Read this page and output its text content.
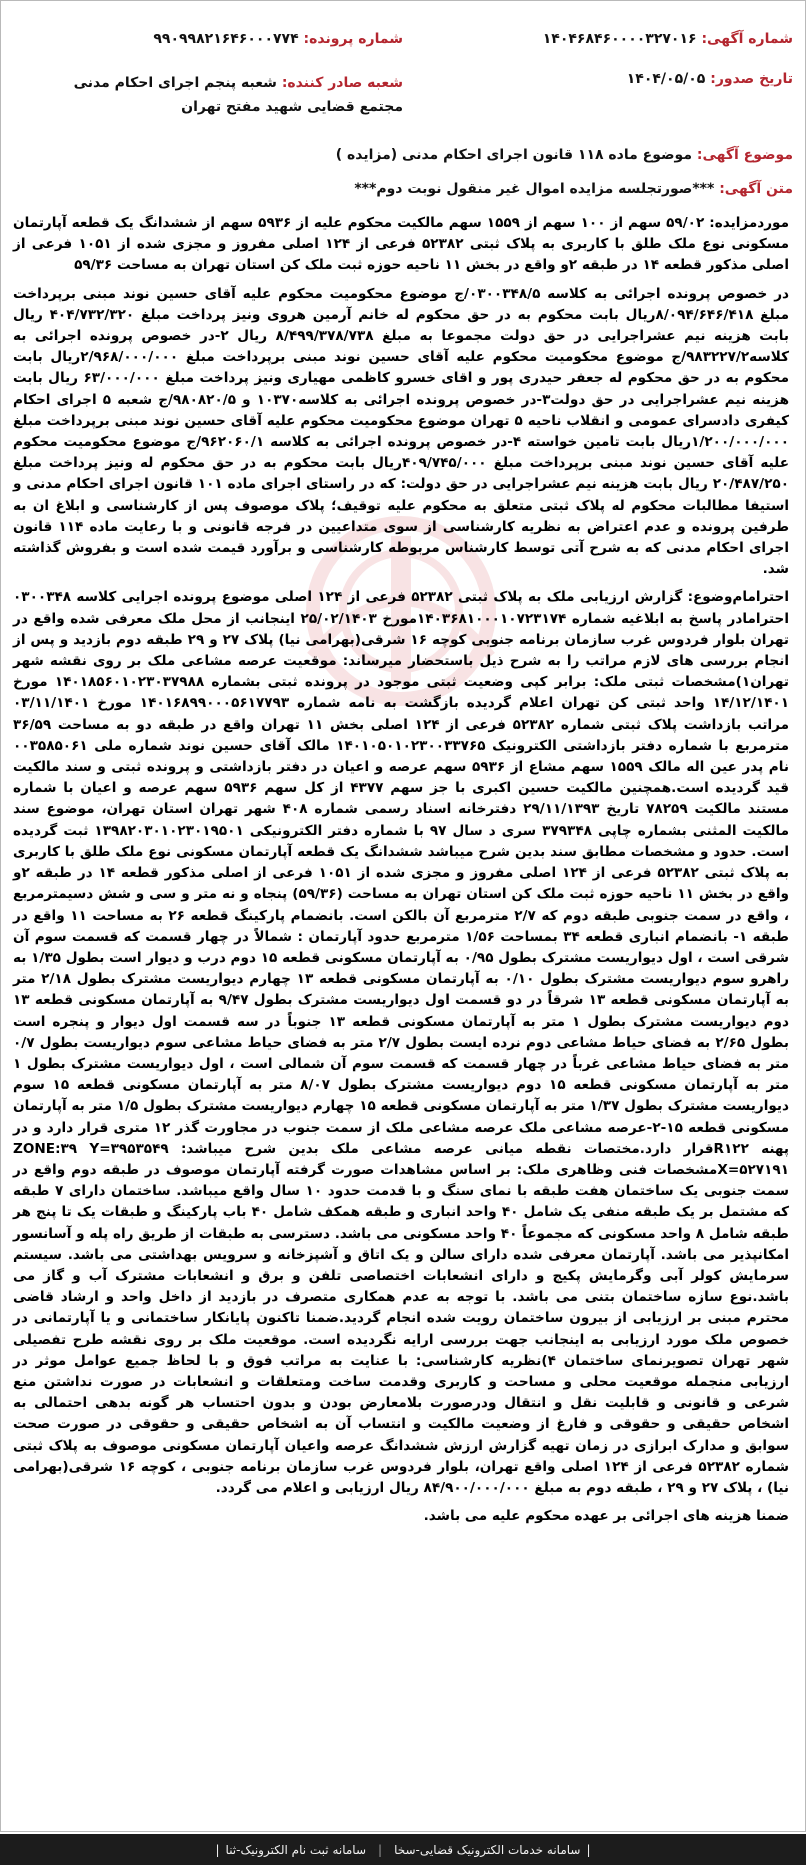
شماره آگهی: ۱۴۰۴۶۸۴۶۰۰۰۰۳۲۷۰۱۶
شماره پرونده: ۹۹۰۹۹۸۲۱۶۴۶۰۰۰۷۷۴
تاریخ صدور: ۱۴۰۴/۰۵/۰۵
شعبه صادر کننده: شعبه پنجم اجرای احکام مدنی مجتمع قضایی شهید مفتح تهران
موضوع آگهی: موضوع ماده ۱۱۸ قانون اجرای احکام مدنی (مزایده )
متن آگهی: ***صورتجلسه مزایده اموال غیر منقول نوبت دوم***

موردمزایده: ۵۹/۰۲ سهم از ۱۰۰ سهم از ۱۵۵۹ سهم مالکیت محکوم علیه از ۵۹۳۶ سهم از ششدانگ یک قطعه آپارتمان مسکونی نوع ملک طلق با کاربری به پلاک ثبتی ۵۲۳۸۲ فرعی از ۱۲۴ اصلی مفروز و مجزی شده از ۱۰۵۱ فرعی از اصلی مذکور قطعه ۱۴ در طبقه ۲و واقع در بخش ۱۱ ناحیه حوزه ثبت ملک کن استان تهران به مساحت ۵۹/۳۶

در خصوص پرونده اجرائی به کلاسه ۰۳۰۰۳۴۸/۵/ج موضوع محکومیت محکوم علیه آقای حسین نوند مبنی برپرداخت مبلغ ۸/۰۹۴/۶۴۶/۴۱۸ریال بابت محکوم به در حق محکوم له خانم آرمین هروی ونیز پرداخت مبلغ ۴۰۴/۷۳۲/۳۲۰ ریال بابت هزینه نیم عشراجرایی در حق دولت مجموعا به مبلغ ۸/۴۹۹/۳۷۸/۷۳۸ ریال ۲-در خصوص پرونده اجرائی به کلاسه۹۸۳۲۲۷/۲/ج موضوع محکومیت محکوم علیه آقای حسین نوند مبنی برپرداخت مبلغ ۲/۹۶۸/۰۰۰/۰۰۰ریال بابت محکوم به در حق محکوم له جعفر حیدری پور و اقای خسرو کاظمی مهیاری ونیز پرداخت مبلغ ۶۳/۰۰۰/۰۰۰ ریال بابت هزینه نیم عشراجرایی در حق دولت۳-در خصوص پرونده اجرائی به کلاسه۱۰۳۷۰ و ۹۸۰۸۲۰/۵/ج شعبه ۵ اجرای احکام کیفری دادسرای عمومی و انقلاب ناحیه ۵ تهران موضوع محکومیت محکوم علیه آقای حسین نوند مبنی برپرداخت مبلغ ۱/۲۰۰/۰۰۰/۰۰۰ریال بابت تامین خواسته ۴-در خصوص پرونده اجرائی به کلاسه ۹۶۲۰۶۰/۱/ج موضوع محکومیت محکوم علیه آقای حسین نوند مبنی برپرداخت مبلغ ۴۰۹/۷۴۵/۰۰۰ریال بابت محکوم به در حق محکوم له ونیز پرداخت مبلغ ۲۰/۴۸۷/۲۵۰ ریال بابت هزینه نیم عشراجرایی در حق دولت: که در راستای اجرای ماده ۱۰۱ قانون اجرای احکام مدنی و استیفا مطالبات محکوم له پلاک ثبتی متعلق به محکوم علیه توقیف؛ پلاک موصوف پس از کارشناسی و ابلاغ ان به طرفین پرونده و عدم اعتراض به نظریه کارشناسی از سوی متداعیین در فرجه قانونی و با رعایت ماده ۱۱۴ قانون اجرای احکام مدنی که به شرح آتی توسط کارشناس مربوطه کارشناسی و برآورد قیمت شده است و بفروش گذاشته شد.

احترامام‌وضوع: گزارش ارزیابی ملک به پلاک ثبتی ۵۲۳۸۲ فرعی از ۱۲۴ اصلی موضوع پرونده اجرایی کلاسه ۰۳۰۰۳۴۸ احترامادر پاسخ به ابلاغیه شماره ۱۴۰۳۶۸۱۰۰۰۱۰۷۲۳۱۷۴مورخ ۲۵/۰۲/۱۴۰۳ اینجانب از محل ملک معرفی شده واقع در تهران بلوار فردوس غرب سازمان برنامه جنوبی کوچه ۱۶ شرقی(بهرامی نیا) پلاک ۲۷ و ۲۹ طبقه دوم بازدید و پس از انجام بررسی های لازم مراتب را به شرح ذیل باستحضار میرساند: موقعیت عرصه مشاعی ملک بر روی نقشه شهر تهران۱)مشخصات ثبتی ملک: برابر کپی وضعیت ثبتی موجود در پرونده ثبتی بشماره ۱۴۰۱۸۵۶۰۱۰۲۳۰۳۷۹۸۸ مورخ ۱۴/۱۲/۱۴۰۱ واحد ثبتی کن تهران اعلام گردیده بازگشت به نامه شماره ۱۴۰۱۶۸۹۹۰۰۰۵۶۱۷۷۹۳ مورخ ۰۳/۱۱/۱۴۰۱ مراتب بازداشت پلاک ثبتی شماره ۵۲۳۸۲ فرعی از ۱۲۴ اصلی بخش ۱۱ تهران واقع در طبقه دو به مساحت ۳۶/۵۹ مترمربع با شماره دفتر بازداشتی الکترونیک ۱۴۰۱۰۵۰۱۰۲۳۰۰۳۳۷۶۵ مالک آقای حسین نوند شماره ملی ۰۰۳۵۸۵۰۶۱ نام پدر عین اله مالک ۱۵۵۹ سهم مشاع از ۵۹۳۶ سهم عرصه و اعیان در دفتر بازداشتی و پرونده ثبتی و سند مالکیت قید گردیده است.همچنین مالکیت حسین اکبری با جز سهم ۴۳۷۷ از کل سهم ۵۹۳۶ سهم عرصه و اعیان با شماره مستند مالکیت ۷۸۲۵۹ تاریخ ۲۹/۱۱/۱۳۹۳ دفترخانه اسناد رسمی شماره ۴۰۸ شهر تهران استان تهران، موضوع سند مالکیت المثنی بشماره چاپی ۳۷۹۳۴۸ سری د سال ۹۷ با شماره دفتر الکترونیکی ۱۳۹۸۲۰۳۰۱۰۲۳۰۱۹۵۰۱ ثبت گردیده است. حدود و مشخصات مطابق سند بدین شرح میباشد ششدانگ یک قطعه آپارتمان مسکونی نوع ملک طلق با کاربری به پلاک ثبتی ۵۲۳۸۲ فرعی از ۱۲۴ اصلی مفروز و مجزی شده از ۱۰۵۱ فرعی از اصلی مذکور قطعه ۱۴ در طبقه ۲و واقع در بخش ۱۱ ناحیه حوزه ثبت ملک کن استان تهران به مساحت (۵۹/۳۶) پنجاه و نه متر و سی و شش دسیمترمربع ، واقع در سمت جنوبی طبقه دوم که ۲/۷ مترمربع آن بالکن است. بانضمام پارکینگ قطعه ۲۶ به مساحت ۱۱ واقع در طبقه ۱- بانضمام انباری قطعه ۳۴ بمساحت ۱/۵۶ مترمربع حدود آپارتمان : شمالاً در چهار قسمت که قسمت سوم آن شرقی است ، اول دیواریست مشترک بطول ۰/۹۵ به آپارتمان مسکونی قطعه ۱۵ دوم درب و دیوار است بطول ۱/۳۵ به راهرو سوم دیواریست مشترک بطول ۰/۱۰ به آپارتمان مسکونی قطعه ۱۳ چهارم دیواریست مشترک بطول ۲/۱۸ متر به آپارتمان مسکونی قطعه ۱۳ شرقاً در دو قسمت اول دیواریست مشترک بطول ۹/۴۷ به آپارتمان مسکونی قطعه ۱۳ دوم دیواریست مشترک بطول ۱ متر به آپارتمان مسکونی قطعه ۱۳ جنوباً در سه قسمت اول دیوار و پنجره است بطول ۲/۶۵ به فضای حیاط مشاعی دوم نرده ایست بطول ۲/۷ متر به فضای حیاط مشاعی سوم دیواریست بطول ۰/۷ متر به فضای حیاط مشاعی غرباً در چهار قسمت که قسمت سوم آن شمالی است ، اول دیواریست مشترک بطول ۱ متر به آپارتمان مسکونی قطعه ۱۵ دوم دیواریست مشترک بطول ۸/۰۷ متر به آپارتمان مسکونی قطعه ۱۵ سوم دیواریست مشترک بطول ۱/۳۷ متر به آپارتمان مسکونی قطعه ۱۵ چهارم دیواریست مشترک بطول ۱/۵ متر به آپارتمان مسکونی قطعه ۱۵-۲-عرصه مشاعی ملک عرصه مشاعی ملک از سمت جنوب در مجاورت گذر ۱۲ متری قرار دارد و در پهنه R۱۲۲قرار دارد.مختصات نقطه میانی عرصه مشاعی ملک بدین شرح میباشد: ZONE:۳۹ Y=۳۹۵۳۵۴۹ X=۵۲۷۱۹۱مشخصات فنی وظاهری ملک: بر اساس مشاهدات صورت گرفته آپارتمان موصوف در طبقه دوم واقع در سمت جنوبی یک ساختمان هفت طبقه با نمای سنگ و با قدمت حدود ۱۰ سال واقع میباشد. ساختمان دارای ۷ طبقه که مشتمل بر یک طبقه منفی یک شامل ۴۰ واحد انباری و طبقه همکف شامل ۴۰ باب پارکینگ و طبقات یک تا پنج هر طبقه شامل ۸ واحد مسکونی که مجموعاً ۴۰ واحد مسکونی می باشد. دسترسی به طبقات از طریق راه پله و آسانسور امکانپذیر می باشد. آپارتمان معرفی شده دارای سالن و یک اتاق و آشپزخانه و سرویس بهداشتی می باشد. سیستم سرمایش کولر آبی وگرمایش پکیج و دارای انشعابات اختصاصی تلفن و برق و انشعابات مشترک آب و گاز می باشد.نوع سازه ساختمان بتنی می باشد. با توجه به عدم همکاری متصرف در بازدید از داخل واحد و ارشاد قاضی محترم مبنی بر ارزیابی از بیرون ساختمان رویت شده انجام گردید.ضمنا تاکنون پایانکار ساختمانی و یا آپارتمانی در خصوص ملک مورد ارزیابی به اینجانب جهت بررسی ارایه نگردیده است. موقعیت ملک بر روی نقشه طرح تفصیلی شهر تهران تصویرنمای ساختمان ۴)نظریه کارشناسی: با عنایت به مراتب فوق و با لحاظ جمیع عوامل موثر در ارزیابی منجمله موقعیت محلی و مساحت و کاربری وقدمت ساخت ومتعلقات و انشعابات در صورت نداشتن منع شرعی و قانونی و قابلیت نقل و انتقال ودرصورت بلامعارض بودن و بدون احتساب هر گونه بدهی احتمالی به اشخاص حقیقی و حقوقی و فارغ از وضعیت مالکیت و انتساب آن به اشخاص حقیقی و حقوقی در صورت صحت سوابق و مدارک ابرازی در زمان تهیه گزارش ارزش ششدانگ عرصه واعیان آپارتمان مسکونی موصوف به پلاک ثبتی شماره ۵۲۳۸۲ فرعی از ۱۲۴ اصلی واقع تهران، بلوار فردوس غرب سازمان برنامه جنوبی ، کوچه ۱۶ شرقی(بهرامی نیا) ، پلاک ۲۷ و ۲۹ ، طبقه دوم به مبلغ ۸۴/۹۰۰/۰۰۰/۰۰۰ ریال ارزیابی و اعلام می گردد.

ضمنا هزینه های اجرائی بر عهده محکوم علیه می باشد.

|
سامانه خدمات الکترونیک قضایی-سخا
|
سامانه ثبت نام الکترونیک-ثنا
|
